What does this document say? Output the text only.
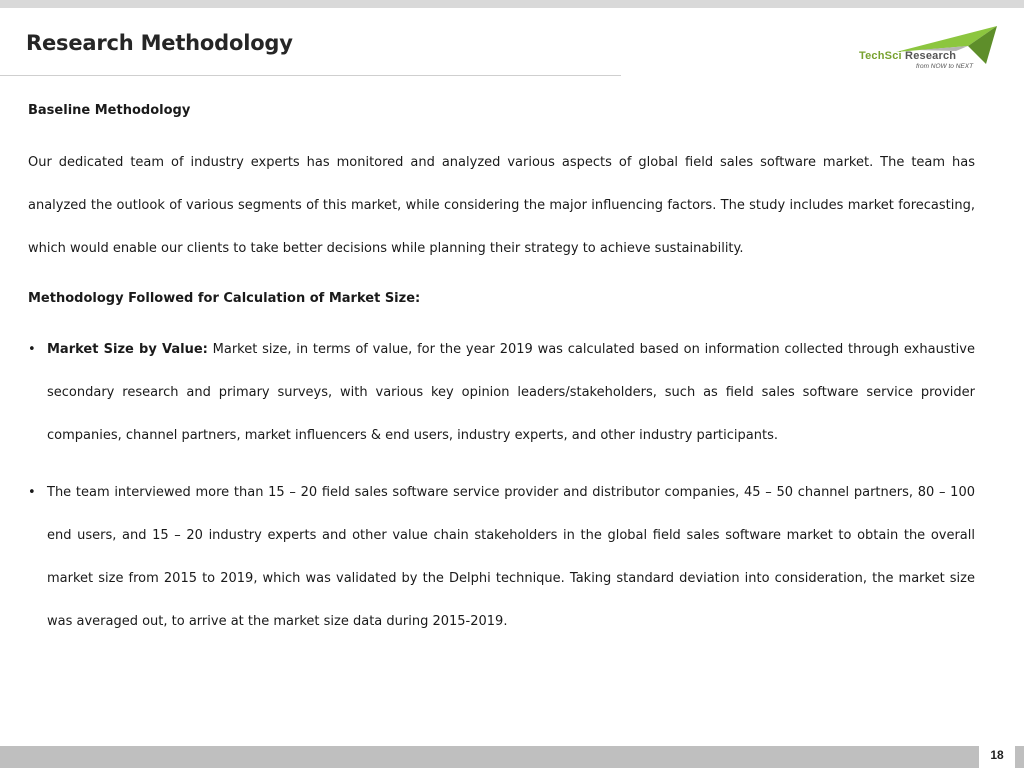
Research Methodology
TechSci Research
from NOW to NEXT

Baseline Methodology

Our dedicated team of industry experts has monitored and analyzed various aspects of global field sales software market. The team has analyzed the outlook of various segments of this market, while considering the major influencing factors. The study includes market forecasting, which would enable our clients to take better decisions while planning their strategy to achieve sustainability.

Methodology Followed for Calculation of Market Size:

• Market Size by Value: Market size, in terms of value, for the year 2019 was calculated based on information collected through exhaustive secondary research and primary surveys, with various key opinion leaders/stakeholders, such as field sales software service provider companies, channel partners, market influencers & end users, industry experts, and other industry participants.
• The team interviewed more than 15 – 20 field sales software service provider and distributor companies, 45 – 50 channel partners, 80 – 100 end users, and 15 – 20 industry experts and other value chain stakeholders in the global field sales software market to obtain the overall market size from 2015 to 2019, which was validated by the Delphi technique. Taking standard deviation into consideration, the market size was averaged out, to arrive at the market size data during 2015-2019.
18
